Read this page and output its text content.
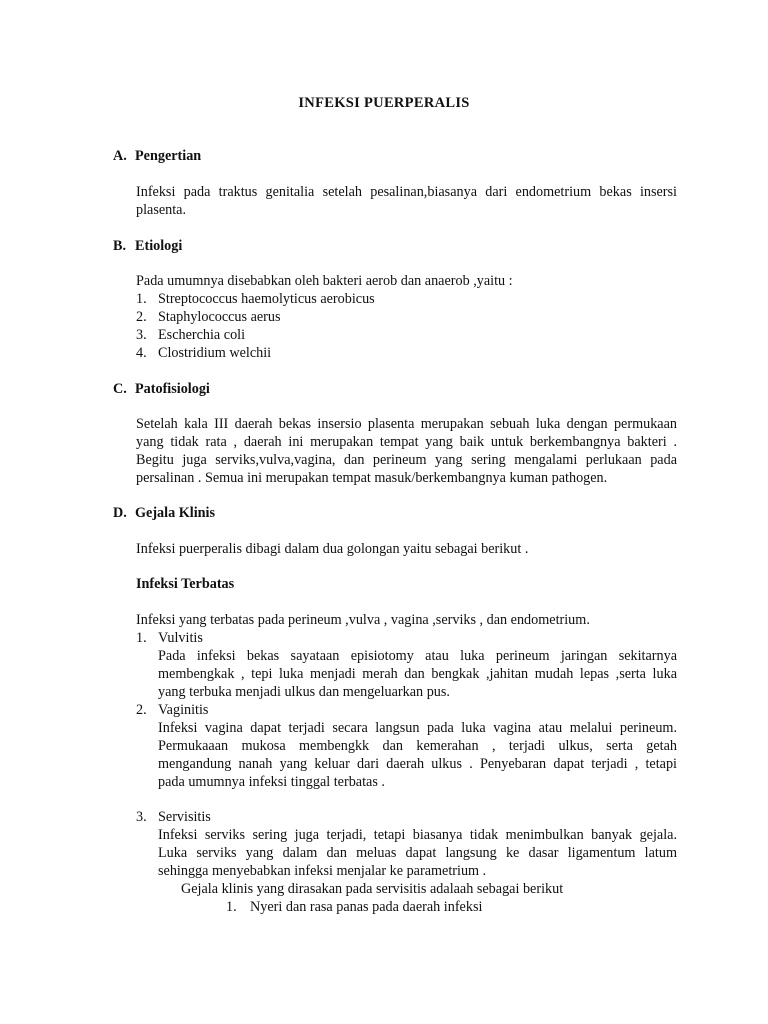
INFEKSI PUERPERALIS
A. Pengertian
Infeksi pada traktus genitalia setelah pesalinan,biasanya dari endometrium bekas insersi
plasenta.
B. Etiologi
Pada umumnya disebabkan oleh bakteri aerob dan anaerob ,yaitu :
1. Streptococcus haemolyticus aerobicus
2. Staphylococcus aerus
3. Escherchia coli
4. Clostridium welchii
C. Patofisiologi
Setelah kala III daerah bekas insersio plasenta merupakan sebuah luka dengan permukaan
yang tidak rata , daerah ini merupakan tempat yang baik untuk berkembangnya bakteri .
Begitu juga serviks,vulva,vagina, dan perineum yang sering mengalami perlukaan pada
persalinan . Semua ini merupakan tempat masuk/berkembangnya kuman pathogen.
D. Gejala Klinis
Infeksi puerperalis dibagi dalam dua golongan yaitu sebagai berikut .
Infeksi Terbatas
Infeksi yang terbatas pada perineum ,vulva , vagina ,serviks , dan endometrium.
1. Vulvitis
Pada infeksi bekas sayataan episiotomy atau luka perineum jaringan sekitarnya
membengkak , tepi luka menjadi merah dan bengkak ,jahitan mudah lepas ,serta luka
yang terbuka menjadi ulkus dan mengeluarkan pus.
2. Vaginitis
Infeksi vagina dapat terjadi secara langsun pada luka vagina atau melalui perineum.
Permukaaan mukosa membengkk dan kemerahan , terjadi ulkus, serta getah
mengandung nanah yang keluar dari daerah ulkus . Penyebaran dapat terjadi , tetapi
pada umumnya infeksi tinggal terbatas .
3. Servisitis
Infeksi serviks sering juga terjadi, tetapi biasanya tidak menimbulkan banyak gejala.
Luka serviks yang dalam dan meluas dapat langsung ke dasar ligamentum latum
sehingga menyebabkan infeksi menjalar ke parametrium .
Gejala klinis yang dirasakan pada servisitis adalaah sebagai berikut
1. Nyeri dan rasa panas pada daerah infeksi
